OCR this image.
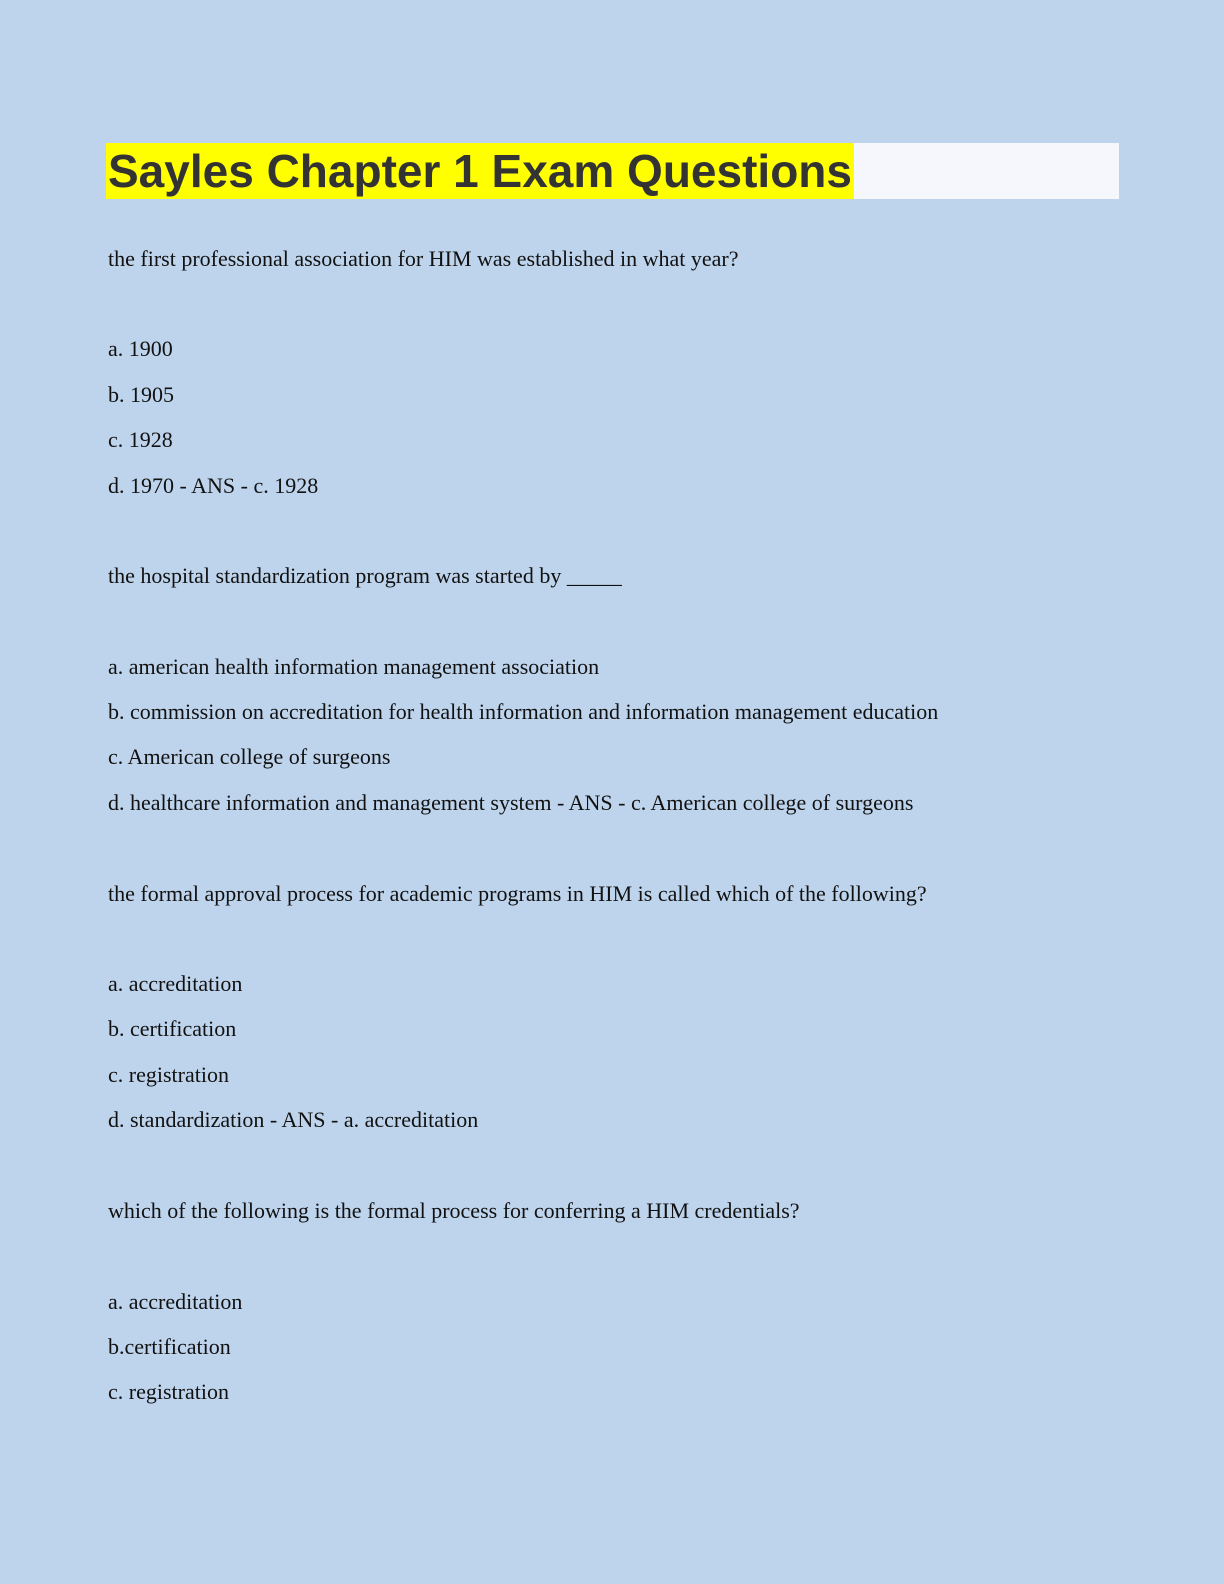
Sayles Chapter 1 Exam Questions
the first professional association for HIM was established in what year?
a. 1900
b. 1905
c. 1928
d. 1970 - ANS - c. 1928
the hospital standardization program was started by _____
a. american health information management association
b. commission on accreditation for health information and information management education
c. American college of surgeons
d. healthcare information and management system - ANS - c. American college of surgeons
the formal approval process for academic programs in HIM is called which of the following?
a. accreditation
b. certification
c. registration
d. standardization - ANS - a. accreditation
which of the following is the formal process for conferring a HIM credentials?
a. accreditation
b.certification
c. registration
